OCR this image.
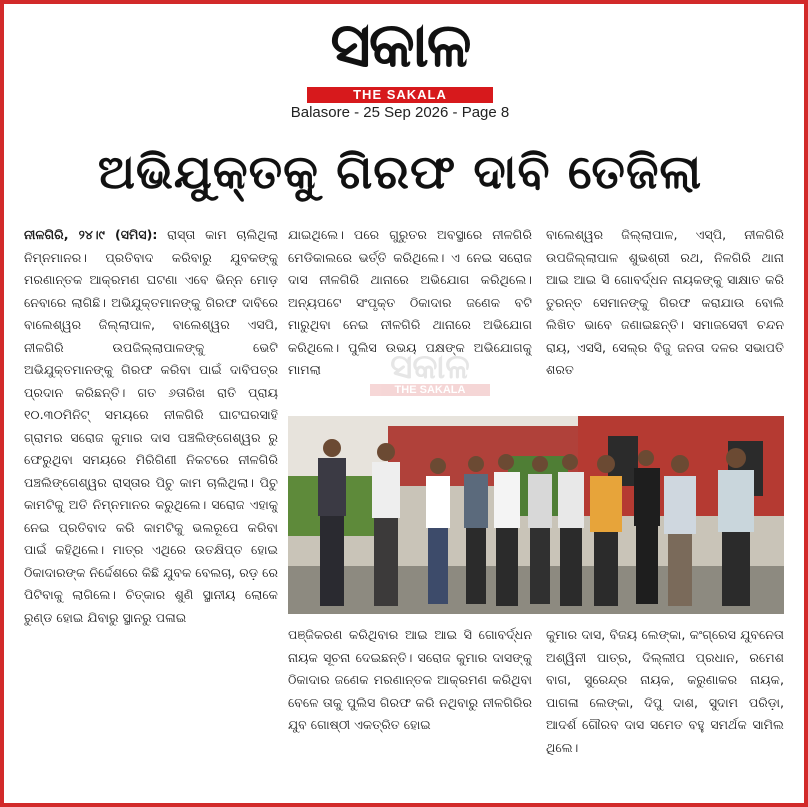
ସକାଳ
THE SAKALA
Balasore - 25 Sep 2026 - Page 8
ଅଭିଯୁକ୍ତକୁ ଗିରଫ ଦାବି ତେଜିଲା
ନୀଳଗିରି, ୨୪।୯ (ସମିସ): ରାସ୍ତା କାମ ଚାଲିଥିଲା ନିମ୍ନମାନର। ପ୍ରତିବାଦ କରିବାରୁ ଯୁବକଙ୍କୁ ମରଣାନ୍ତକ ଆକ୍ରମଣ ଘଟଣା ଏବେ ଭିନ୍ନ ମୋଡ଼ ନେବାରେ ଲାଗିଛି। ଅଭିଯୁକ୍ତମାନଙ୍କୁ ଗିରଫ ଦାବିରେ ବାଲେଶ୍ୱର ଜିଲ୍ଲାପାଳ, ବାଲେଶ୍ୱର ଏସପି, ନୀଳଗିରି ଉପଜିଲ୍ଲାପାଳଙ୍କୁ ଭେଟି ଅଭିଯୁକ୍ତମାନଙ୍କୁ ଗିରଫ କରିବା ପାଇଁ ଦାବିପତ୍ର ପ୍ରଦାନ କରିଛନ୍ତି। ଗତ ୬ତାରିଖ ରାତି ପ୍ରାୟ ୧୦.୩୦ମିନିଟ୍ ସମୟରେ ନୀଳଗିରି ଘାଟଘରସାହି ଗ୍ରାମର ସରୋଜ କୁମାର ଦାସ ପଞ୍ଚଲିଙ୍ଗେଶ୍ୱର ରୁ ଫେରୁଥିବା ସମୟରେ ମିରିଗିଣୀ ନିକଟରେ ନୀଳଗିରି ପଞ୍ଚଲିଙ୍ଗେଶ୍ୱର ରାସ୍ତାର ପିଚୁ କାମ ଚାଲିଥିଲା। ପିଚୁ କାମଟିକୁ ଅତି ନିମ୍ନମାନର କରୁଥିଲେ। ସରୋଜ ଏହାକୁ ନେଇ ପ୍ରତିବାଦ କରି କାମଟିକୁ ଭଲରୂପେ କରିବା ପାଇଁ କହିଥିଲେ। ମାତ୍ର ଏଥିରେ ଉତକ୍ଷିପ୍ତ ହୋଇ ଠିକାଦାରଙ୍କ ନିର୍ଦ୍ଦେଶରେ କିଛି ଯୁବକ ବେଲଚା, ରଡ଼ ରେ ପିଟିବାକୁ ଲାଗିଲେ। ଚିତ୍କାର ଶୁଣି ସ୍ଥାନୀୟ ଲୋକେ ରୁଣ୍ଡ ହୋଇ ଯିବାରୁ ସ୍ଥାନରୁ ପଳାଇ
ଯାଇଥିଲେ। ପରେ ଗୁରୁତର ଅବସ୍ଥାରେ ନୀଳଗିରି ମେଡିକାଲରେ ଭର୍ତ୍ତି କରିଥିଲେ। ଏ ନେଇ ସରୋଜ ଦାସ ନୀଳଗିରି ଥାନାରେ ଅଭିଯୋଗ କରିଥିଲେ। ଅନ୍ୟପଟେ ସଂପୃକ୍ତ ଠିକାଦାର ଜଣେକ ବଟି ମାରୁଥିବା ନେଇ ନୀଳଗିରି ଥାନାରେ ଅଭିଯୋଗ କରିଥିଲେ। ପୁଲିସ ଉଭୟ ପକ୍ଷଙ୍କ ଅଭିଯୋଗକୁ ମାମଲା
ବାଲେଶ୍ୱର ଜିଲ୍ଲାପାଳ, ଏସ୍‌ପି, ନୀଳଗିରି ଉପଜିଲ୍ଲାପାଳ ଶୁଭଶ୍ରୀ ରଥ, ନିଳଗିରି ଥାନା ଆଇ ଆଇ ସି ଗୋବର୍ଦ୍ଧନ ନାୟକଙ୍କୁ ସାକ୍ଷାତ କରି ତୁରନ୍ତ ସେମାନଙ୍କୁ ଗିରଫ କରାଯାଉ ବୋଲି ଲିଖିତ ଭାବେ ଜଣାଇଛନ୍ତି। ସମାଜସେବୀ ଚନ୍ଦନ ରାୟ, ଏସସି, ସେଲ୍‌ର ବିଜୁ ଜନତା ଦଳର ସଭାପତି ଶରତ
ପଞ୍ଜିକରଣ କରିଥିବାର ଆଇ ଆଇ ସି ଗୋବର୍ଦ୍ଧନ ନାୟକ ସୂଚନା ଦେଇଛନ୍ତି। ସରୋଜ କୁମାର ଦାସଙ୍କୁ ଠିକାଦାର ଜଣେକ ମରଣାନ୍ତକ ଆକ୍ରମଣ କରିଥିବା ବେଳେ ତାକୁ ପୁଲିସ ଗିରଫ କରି ନଥିବାରୁ ନୀଳଗିରିର ଯୁବ ଗୋଷ୍ଠୀ ଏକତ୍ରିତ ହୋଇ
କୁମାର ଦାସ, ବିଜୟ ଲେଙ୍କା, କଂଗ୍ରେସ ଯୁବନେତା ଅଶ୍ୱିନୀ ପାତ୍ର, ଦିଲ୍ଲୀପ ପ୍ରଧାନ, ରମେଶ ବାଗ, ସୁରେନ୍ଦ୍ର ନାୟକ, କରୁଣାକର ନାୟକ, ପାଗଳା ଲେଙ୍କା, ଦିପୁ ଦାଶ, ସୁଦାମ ପରିଡ଼ା, ଆଦର୍ଶ ଗୌରବ ଦାସ ସମେତ ବହୁ ସମର୍ଥକ ସାମିଲ ଥିଲେ।
